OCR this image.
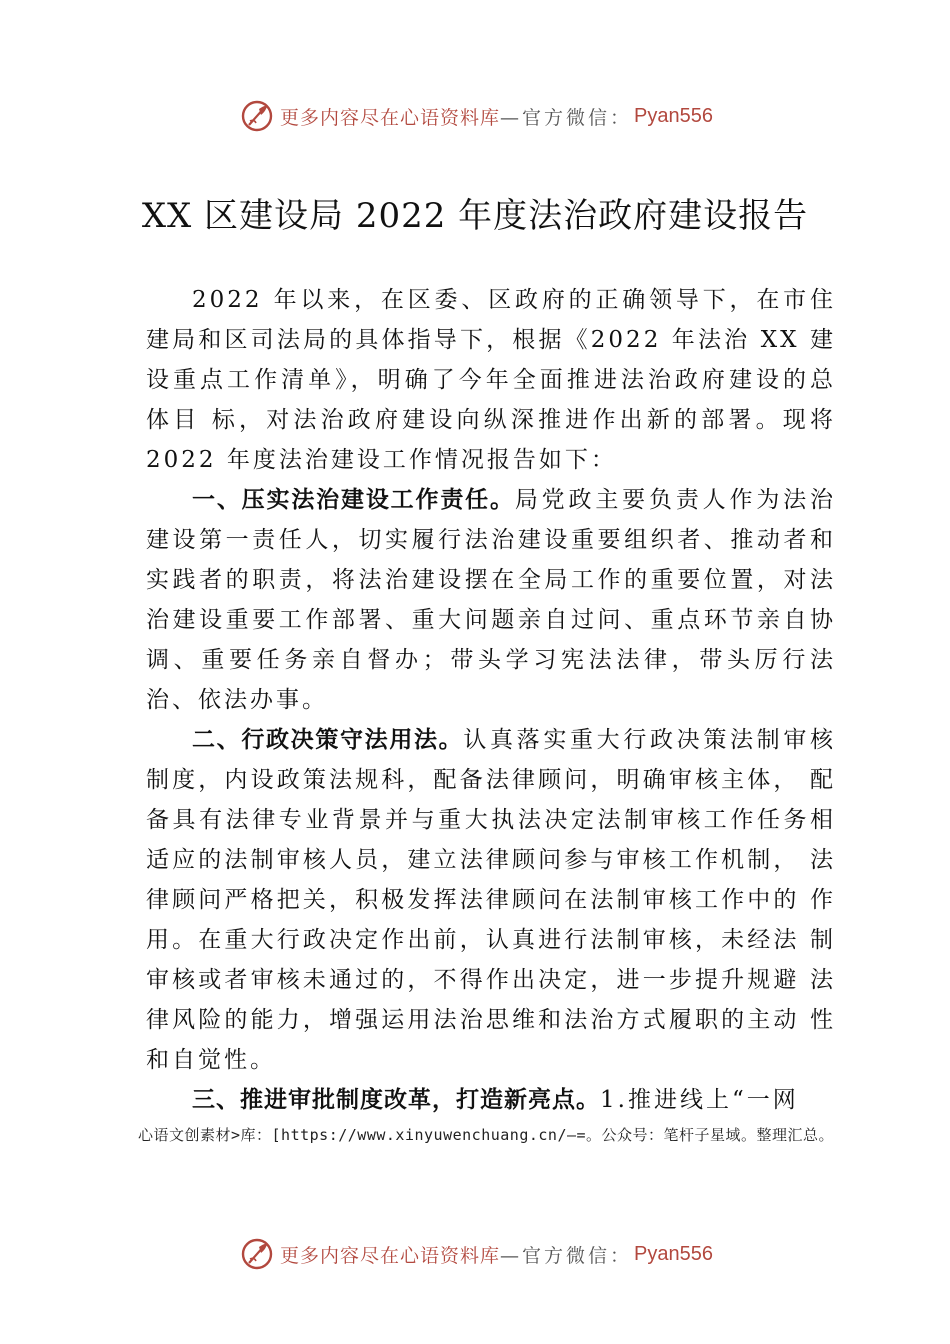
更多内容尽在心语资料库 —官方微信： Pyan556
XX 区建设局 2022 年度法治政府建设报告

2022 年以来，在区委、区政府的正确领导下，在市住建局和区司法局的具体指导下，根据《2022 年法治 XX 建设重点工作清单》，明确了今年全面推进法治政府建设的总体目 标，对法治政府建设向纵深推进作出新的部署。现将 2022 年度法治建设工作情况报告如下：

一、压实法治建设工作责任。局党政主要负责人作为法治建设第一责任人，切实履行法治建设重要组织者、推动者和实践者的职责，将法治建设摆在全局工作的重要位置，对法治建设重要工作部署、重大问题亲自过问、重点环节亲自协调、重要任务亲自督办；带头学习宪法法律，带头厉行法治、依法办事。

二、行政决策守法用法。认真落实重大行政决策法制审核制度，内设政策法规科，配备法律顾问，明确审核主体， 配备具有法律专业背景并与重大执法决定法制审核工作任务相适应的法制审核人员，建立法律顾问参与审核工作机制， 法律顾问严格把关，积极发挥法律顾问在法制审核工作中的 作用。在重大行政决定作出前，认真进行法制审核，未经法 制审核或者审核未通过的，不得作出决定，进一步提升规避 法律风险的能力，增强运用法治思维和法治方式履职的主动 性和自觉性。

三、推进审批制度改革，打造新亮点。1.推进线上“一网

心语文创素材>库：[https://www.xinyuwenchuang.cn/—=。公众号：笔杆子星域。整理汇总。
更多内容尽在心语资料库 —官方微信： Pyan556
